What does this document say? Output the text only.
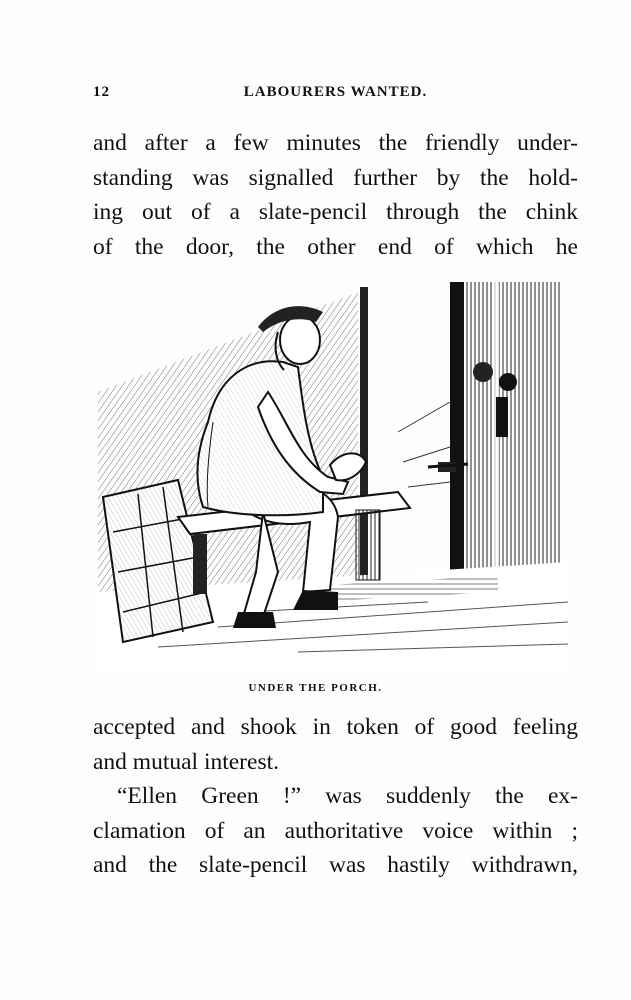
12	LABOURERS WANTED.
and after a few minutes the friendly under-
standing was signalled further by the hold-
ing out of a slate-pencil through the chink
of the door, the other end of which he
UNDER THE PORCH.
accepted and shook in token of good feeling
and mutual interest.
“Ellen Green !” was suddenly the ex-
clamation of an authoritative voice within ;
and the slate-pencil was hastily withdrawn,
